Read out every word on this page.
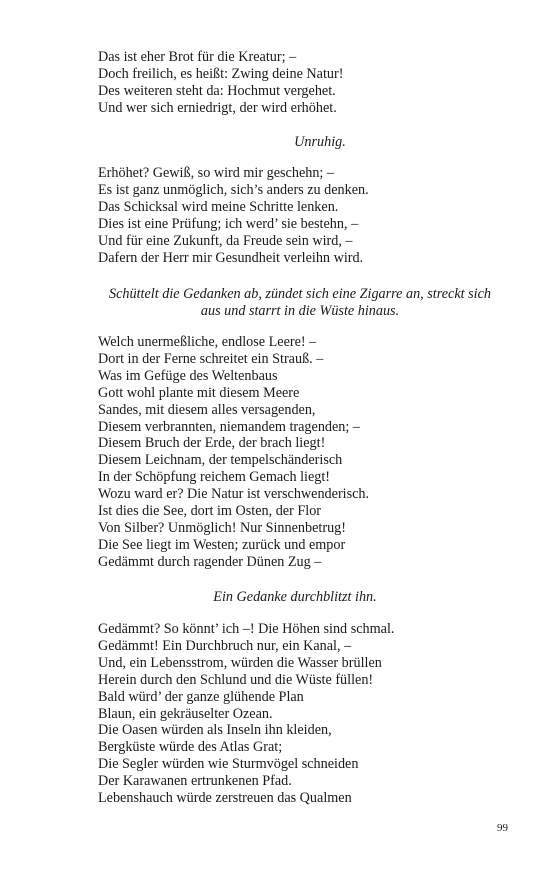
Das ist eher Brot für die Kreatur; –
Doch freilich, es heißt: Zwing deine Natur!
Des weiteren steht da: Hochmut vergehet.
Und wer sich erniedrigt, der wird erhöhet.

Unruhig.

Erhöhet? Gewiß, so wird mir geschehn; –
Es ist ganz unmöglich, sich’s anders zu denken.
Das Schicksal wird meine Schritte lenken.
Dies ist eine Prüfung; ich werd’ sie bestehn, –
Und für eine Zukunft, da Freude sein wird, –
Dafern der Herr mir Gesundheit verleihn wird.

Schüttelt die Gedanken ab, zündet sich eine Zigarre an, streckt sich
aus und starrt in die Wüste hinaus.

Welch unermeßliche, endlose Leere! –
Dort in der Ferne schreitet ein Strauß. –
Was im Gefüge des Weltenbaus
Gott wohl plante mit diesem Meere
Sandes, mit diesem alles versagenden,
Diesem verbrannten, niemandem tragenden; –
Diesem Bruch der Erde, der brach liegt!
Diesem Leichnam, der tempelschänderisch
In der Schöpfung reichem Gemach liegt!
Wozu ward er? Die Natur ist verschwenderisch.
Ist dies die See, dort im Osten, der Flor
Von Silber? Unmöglich! Nur Sinnenbetrug!
Die See liegt im Westen; zurück und empor
Gedämmt durch ragender Dünen Zug –

Ein Gedanke durchblitzt ihn.

Gedämmt? So könnt’ ich –! Die Höhen sind schmal.
Gedämmt! Ein Durchbruch nur, ein Kanal, –
Und, ein Lebensstrom, würden die Wasser brüllen
Herein durch den Schlund und die Wüste füllen!
Bald würd’ der ganze glühende Plan
Blaun, ein gekräuselter Ozean.
Die Oasen würden als Inseln ihn kleiden,
Bergküste würde des Atlas Grat;
Die Segler würden wie Sturmvögel schneiden
Der Karawanen ertrunkenen Pfad.
Lebenshauch würde zerstreuen das Qualmen
99
